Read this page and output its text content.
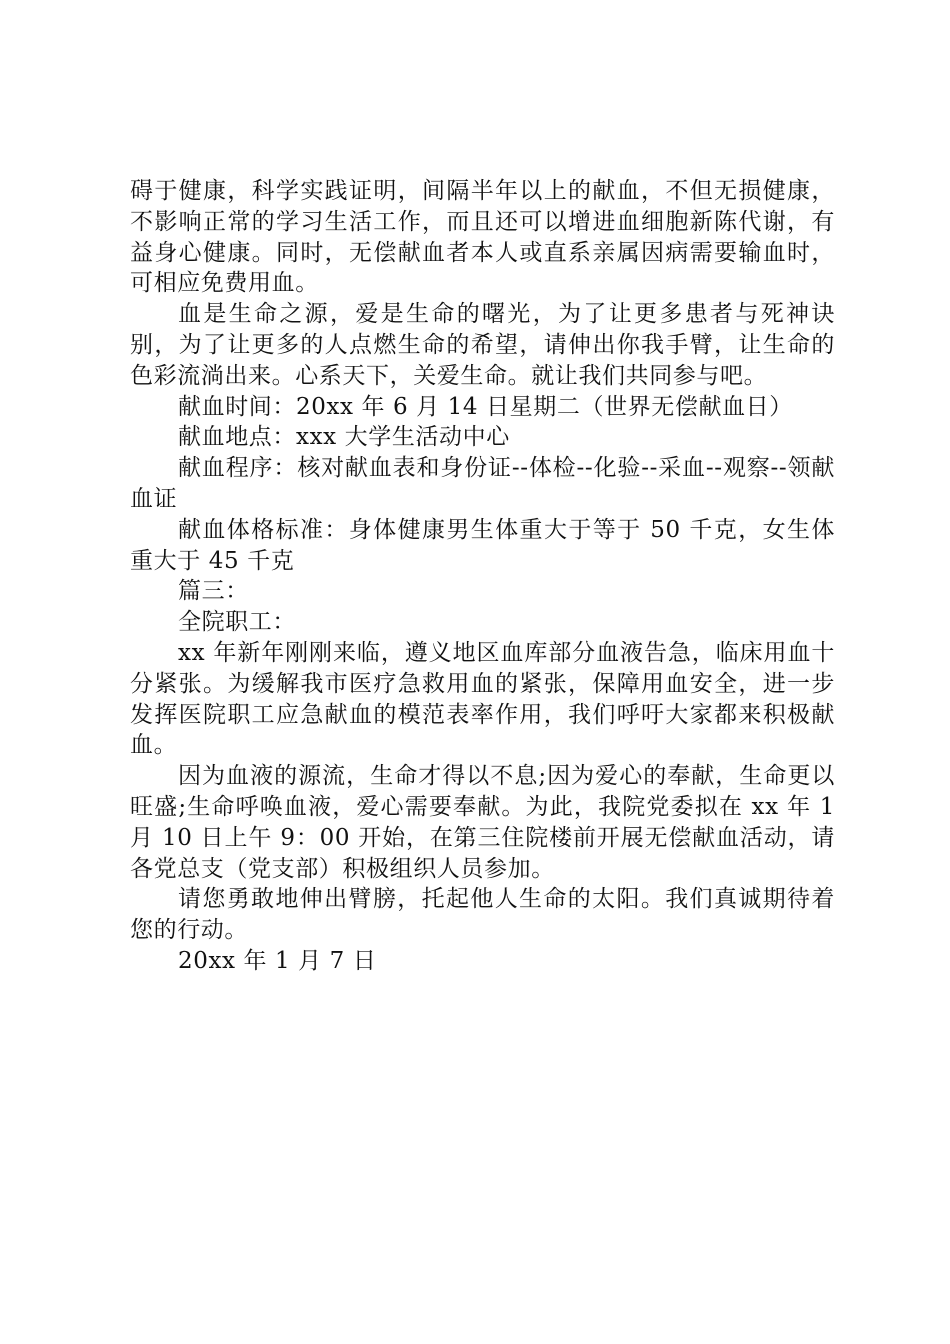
碍于健康，科学实践证明，间隔半年以上的献血，不但无损健康，不影响正常的学习生活工作，而且还可以增进血细胞新陈代谢，有益身心健康。同时，无偿献血者本人或直系亲属因病需要输血时，可相应免费用血。

血是生命之源，爱是生命的曙光，为了让更多患者与死神诀别，为了让更多的人点燃生命的希望，请伸出你我手臂，让生命的色彩流淌出来。心系天下，关爱生命。就让我们共同参与吧。

献血时间：20xx 年 6 月 14 日星期二（世界无偿献血日）

献血地点：xxx 大学生活动中心

献血程序：核对献血表和身份证--体检--化验--采血--观察--领献血证

献血体格标准：身体健康男生体重大于等于 50 千克，女生体重大于 45 千克

篇三：

全院职工：

xx 年新年刚刚来临，遵义地区血库部分血液告急，临床用血十分紧张。为缓解我市医疗急救用血的紧张，保障用血安全，进一步发挥医院职工应急献血的模范表率作用，我们呼吁大家都来积极献血。

因为血液的源流，生命才得以不息;因为爱心的奉献，生命更以旺盛;生命呼唤血液，爱心需要奉献。为此，我院党委拟在 xx 年 1 月 10 日上午 9：00 开始，在第三住院楼前开展无偿献血活动，请各党总支（党支部）积极组织人员参加。

请您勇敢地伸出臂膀，托起他人生命的太阳。我们真诚期待着您的行动。

20xx 年 1 月 7 日
